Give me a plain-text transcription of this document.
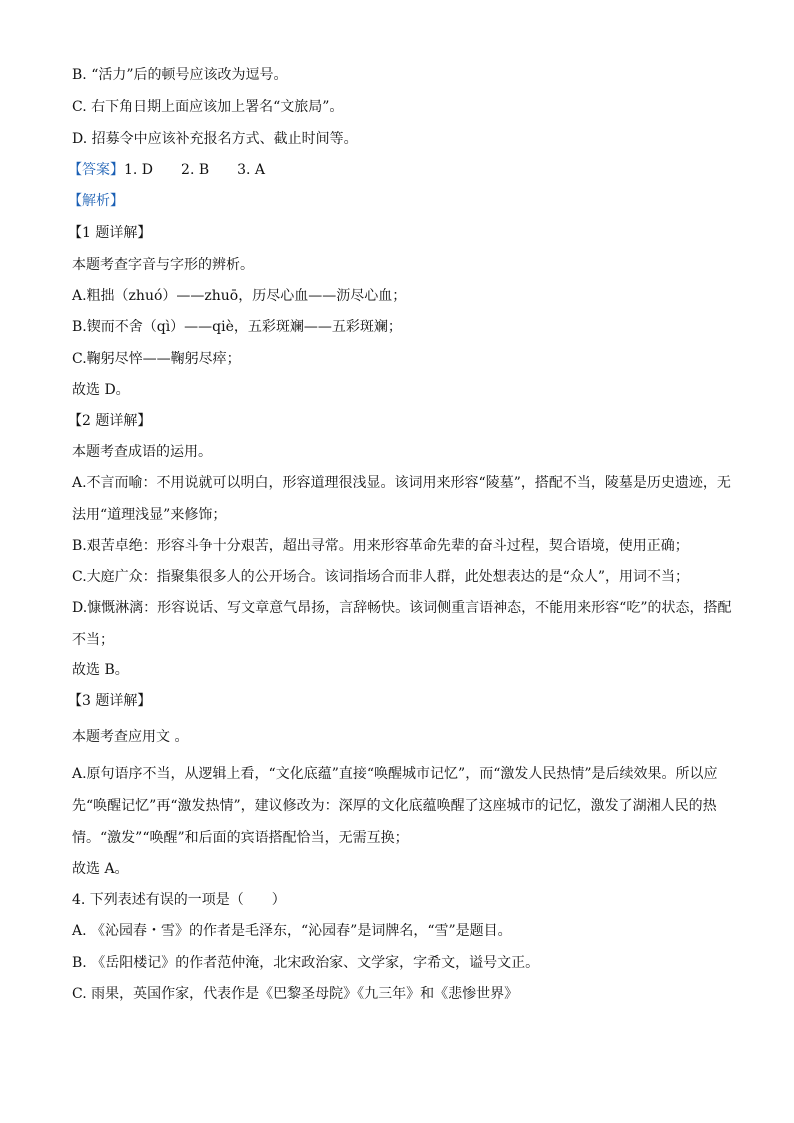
B. “活力”后的顿号应该改为逗号。
C. 右下角日期上面应该加上署名“文旅局”。
D. 招募令中应该补充报名方式、截止时间等。
【答案】1. D　　2. B　　3. A
【解析】
【1 题详解】
本题考查字音与字形的辨析。
A.粗拙（zhuó）——zhuō，历尽心血——沥尽心血；
B.锲而不舍（qì）——qiè，五彩斑斓——五彩斑斓；
C.鞠躬尽悴——鞠躬尽瘁；
故选 D。
【2 题详解】
本题考查成语的运用。
A.不言而喻：不用说就可以明白，形容道理很浅显。该词用来形容“陵墓”，搭配不当，陵墓是历史遗迹，无法用“道理浅显”来修饰；
B.艰苦卓绝：形容斗争十分艰苦，超出寻常。用来形容革命先辈的奋斗过程，契合语境，使用正确；
C.大庭广众：指聚集很多人的公开场合。该词指场合而非人群，此处想表达的是“众人”，用词不当；
D.慷慨淋漓：形容说话、写文章意气昂扬，言辞畅快。该词侧重言语神态，不能用来形容“吃”的状态，搭配不当；
故选 B。
【3 题详解】
本题考查应用文 。
A.原句语序不当，从逻辑上看，“文化底蕴”直接“唤醒城市记忆”，而“激发人民热情”是后续效果。所以应先“唤醒记忆”再“激发热情”，建议修改为：深厚的文化底蕴唤醒了这座城市的记忆，激发了湖湘人民的热情。“激发”“唤醒”和后面的宾语搭配恰当，无需互换；
故选 A。
4. 下列表述有误的一项是（　　）
A. 《沁园春・雪》的作者是毛泽东，“沁园春”是词牌名，“雪”是题目。
B. 《岳阳楼记》的作者范仲淹，北宋政治家、文学家，字希文，谥号文正。
C. 雨果，英国作家，代表作是《巴黎圣母院》《九三年》和《悲惨世界》
